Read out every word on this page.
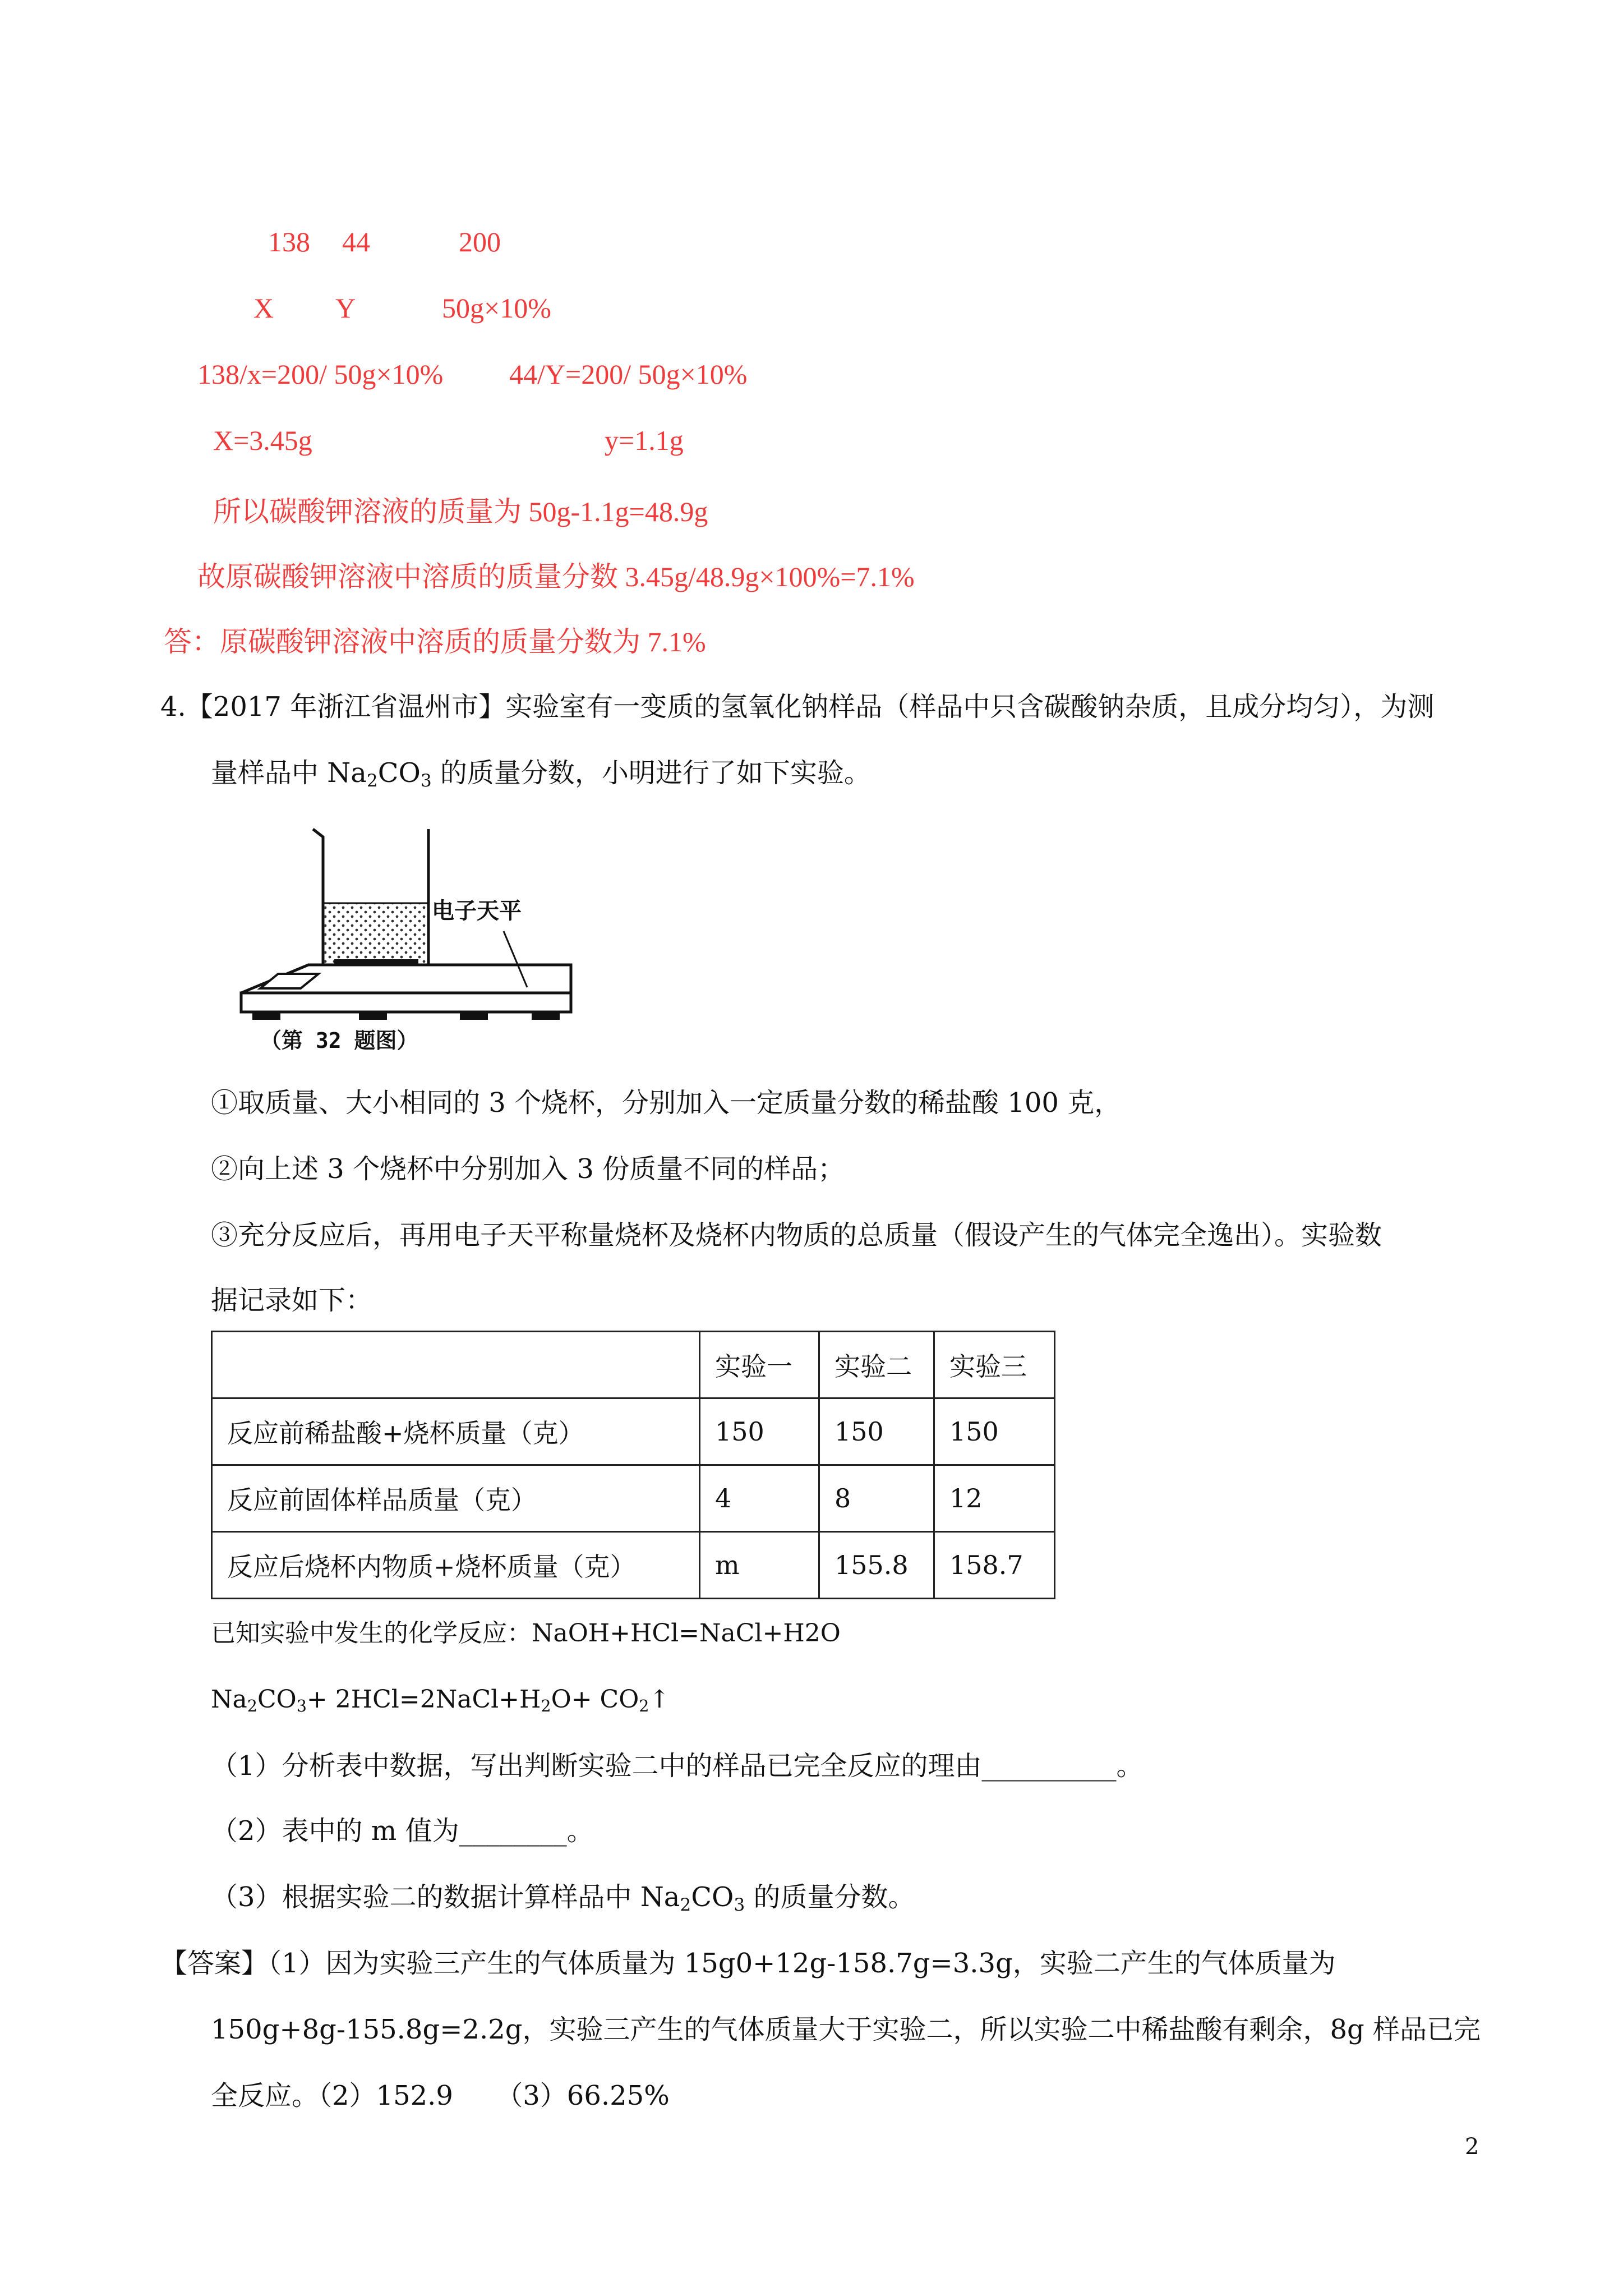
138 44	200
X Y	50g×10%
138/x=200/ 50g×10% 44/Y=200/ 50g×10%
X=3.45g	y=1.1g
所以碳酸钾溶液的质量为 50g-1.1g=48.9g
故原碳酸钾溶液中溶质的质量分数 3.45g/48.9g×100%=7.1%
答：原碳酸钾溶液中溶质的质量分数为 7.1%
4.【2017 年浙江省温州市】实验室有一变质的氢氧化钠样品（样品中只含碳酸钠杂质，且成分均匀），为测
量样品中 $Na_2CO_3$ 的质量分数，小明进行了如下实验。
电子天平
（第 32 题图）
①取质量、大小相同的 3 个烧杯，分别加入一定质量分数的稀盐酸 100 克，
②向上述 3 个烧杯中分别加入 3 份质量不同的样品；
③充分反应后，再用电子天平称量烧杯及烧杯内物质的总质量（假设产生的气体完全逸出）。实验数
据记录如下：
	实验一	实验二	实验三
反应前稀盐酸+烧杯质量（克）	150	150	150
反应前固体样品质量（克）	4	8	12
反应后烧杯内物质+烧杯质量（克）	m	155.8	158.7
已知实验中发生的化学反应：NaOH+HCl=NaCl+H2O
$Na_2CO_3+$ $2HCl=2NaCl+H_2O+$ $CO_2↑$
（1）分析表中数据，写出判断实验二中的样品已完全反应的理由__________。
（2）表中的 m 值为________。
（3）根据实验二的数据计算样品中 $Na_2CO_3$ 的质量分数。
【答案】（1）因为实验三产生的气体质量为 15g0+12g-158.7g=3.3g，实验二产生的气体质量为
150g+8g-155.8g=2.2g，实验三产生的气体质量大于实验二，所以实验二中稀盐酸有剩余，8g 样品已完
全反应。（2）152.9     （3）66.25%
2
